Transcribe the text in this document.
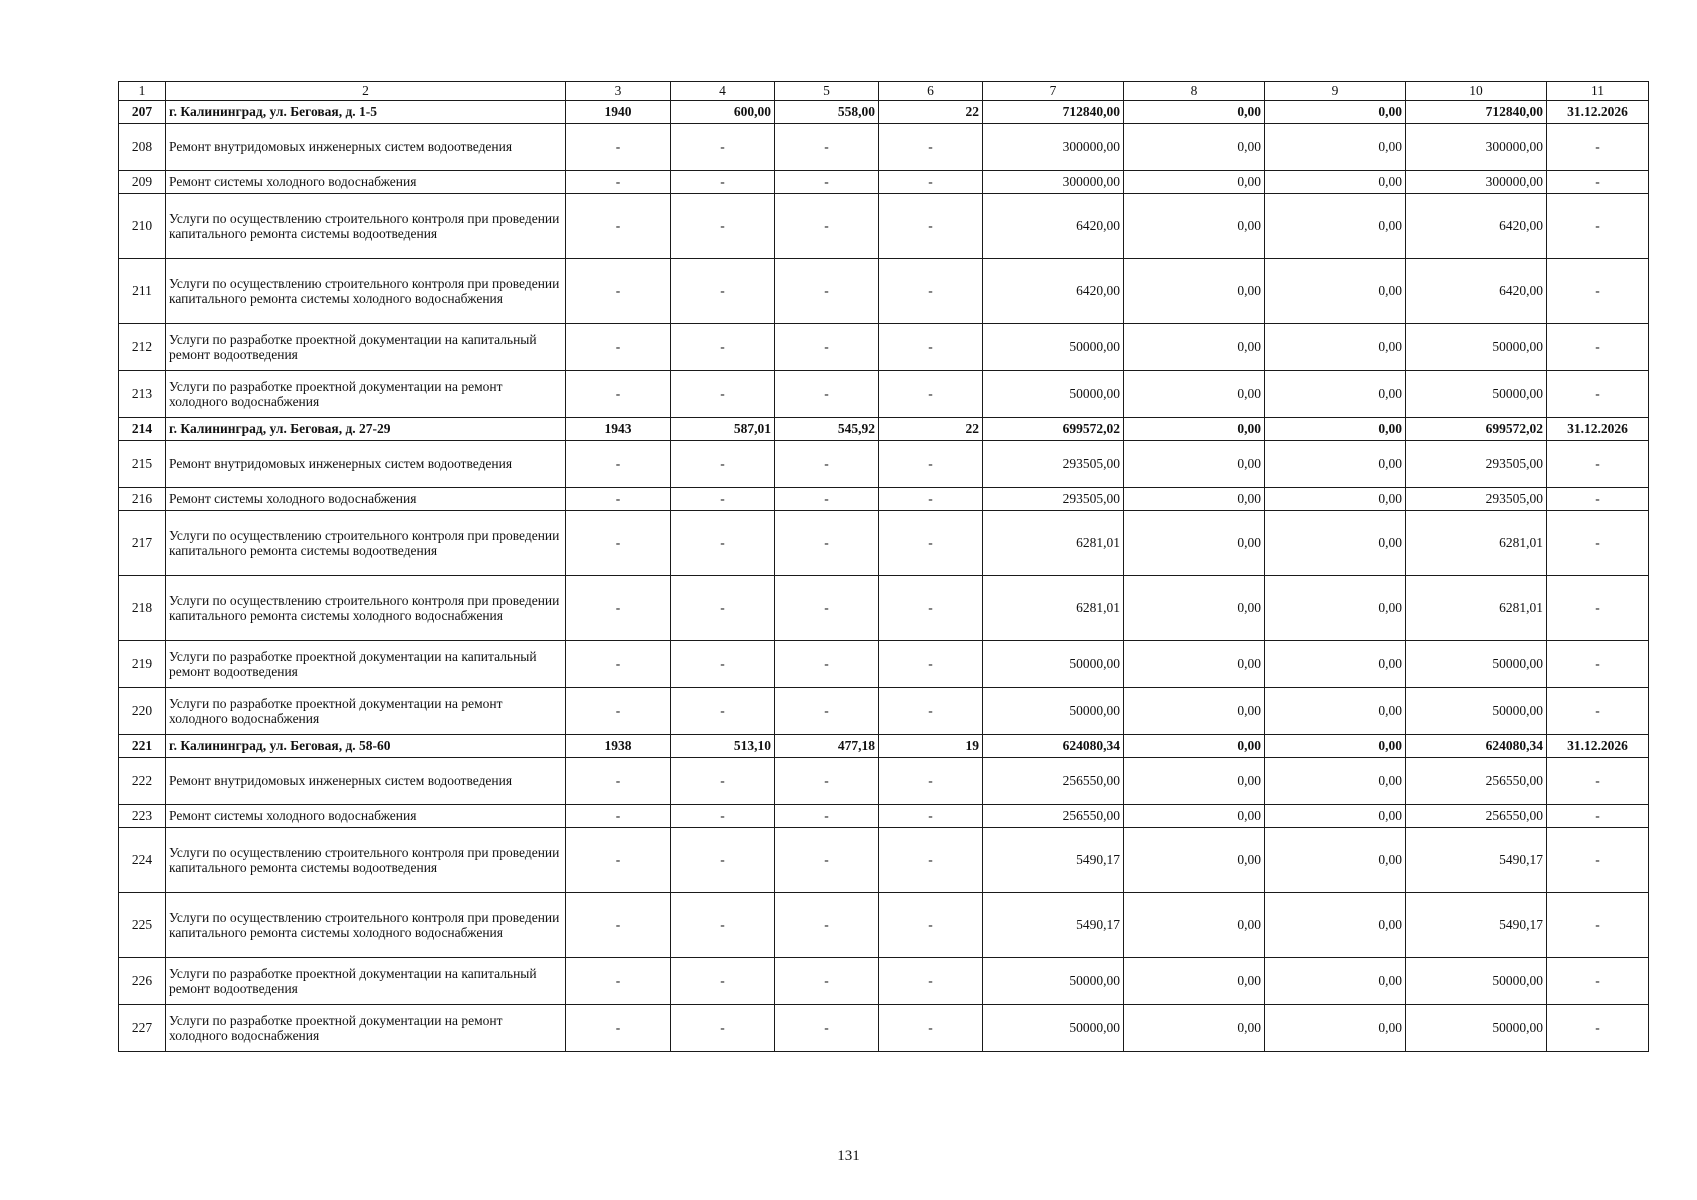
1	2	3	4	5	6	7	8	9	10	11
207	г. Калининград, ул. Беговая, д. 1-5	1940	600,00	558,00	22	712840,00	0,00	0,00	712840,00	31.12.2026
208	Ремонт внутридомовых инженерных систем водоотведения	-	-	-	-	300000,00	0,00	0,00	300000,00	-
209	Ремонт системы холодного водоснабжения	-	-	-	-	300000,00	0,00	0,00	300000,00	-
210	Услуги по осуществлению строительного контроля при проведении капитального ремонта системы водоотведения	-	-	-	-	6420,00	0,00	0,00	6420,00	-
211	Услуги по осуществлению строительного контроля при проведении капитального ремонта системы холодного водоснабжения	-	-	-	-	6420,00	0,00	0,00	6420,00	-
212	Услуги по разработке проектной документации на капитальный ремонт водоотведения	-	-	-	-	50000,00	0,00	0,00	50000,00	-
213	Услуги по разработке проектной документации на ремонт холодного водоснабжения	-	-	-	-	50000,00	0,00	0,00	50000,00	-
214	г. Калининград, ул. Беговая, д. 27-29	1943	587,01	545,92	22	699572,02	0,00	0,00	699572,02	31.12.2026
215	Ремонт внутридомовых инженерных систем водоотведения	-	-	-	-	293505,00	0,00	0,00	293505,00	-
216	Ремонт системы холодного водоснабжения	-	-	-	-	293505,00	0,00	0,00	293505,00	-
217	Услуги по осуществлению строительного контроля при проведении капитального ремонта системы водоотведения	-	-	-	-	6281,01	0,00	0,00	6281,01	-
218	Услуги по осуществлению строительного контроля при проведении капитального ремонта системы холодного водоснабжения	-	-	-	-	6281,01	0,00	0,00	6281,01	-
219	Услуги по разработке проектной документации на капитальный ремонт водоотведения	-	-	-	-	50000,00	0,00	0,00	50000,00	-
220	Услуги по разработке проектной документации на ремонт холодного водоснабжения	-	-	-	-	50000,00	0,00	0,00	50000,00	-
221	г. Калининград, ул. Беговая, д. 58-60	1938	513,10	477,18	19	624080,34	0,00	0,00	624080,34	31.12.2026
222	Ремонт внутридомовых инженерных систем водоотведения	-	-	-	-	256550,00	0,00	0,00	256550,00	-
223	Ремонт системы холодного водоснабжения	-	-	-	-	256550,00	0,00	0,00	256550,00	-
224	Услуги по осуществлению строительного контроля при проведении капитального ремонта системы водоотведения	-	-	-	-	5490,17	0,00	0,00	5490,17	-
225	Услуги по осуществлению строительного контроля при проведении капитального ремонта системы холодного водоснабжения	-	-	-	-	5490,17	0,00	0,00	5490,17	-
226	Услуги по разработке проектной документации на капитальный ремонт водоотведения	-	-	-	-	50000,00	0,00	0,00	50000,00	-
227	Услуги по разработке проектной документации на ремонт холодного водоснабжения	-	-	-	-	50000,00	0,00	0,00	50000,00	-
131
